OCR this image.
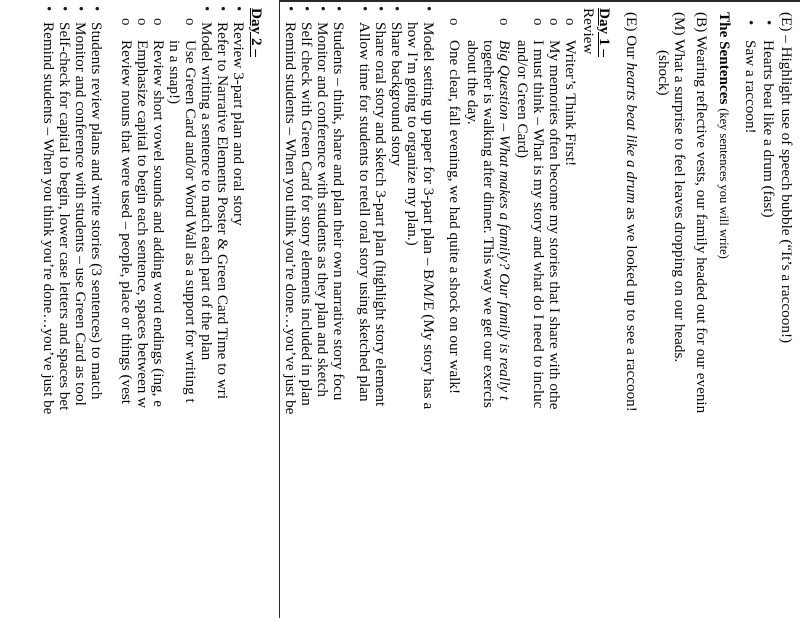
(E) – Highlight use of speech bubble (“It’s a raccoon!)
•
Hearts beat like a drum (fast)
•
Saw a raccoon!
The Sentences (key sentences you will write)
(B) Wearing reflective vests, our family headed out for our evenin
(M) What a surprise to feel leaves dropping on our heads.
(shock)
(E) Our hearts beat like a drum as we looked up to see a raccoon!
Day 1 –
Review
o
Writer’s Think First!
o
My memories often become my stories that I share with othe
o
I must think – What is my story and what do I need to incluc
and/or Green Card)
o
Big Question – What makes a family? Our family is really t
together is walking after dinner. This way we get our exercis
about the day.
o
One clear, fall evening, we had quite a shock on our walk!
•
Model setting up paper for 3-part plan – B/M/E (My story has a
how I’m going to organize my plan.)
•
Share background story
•
Share oral story and sketch 3-part plan (highlight story element
•
Allow time for students to retell oral story using sketched plan
•
Students – think, share and plan their own narrative story focu
•
Monitor and conference with students as they plan and sketch
•
Self check with Green Card for story elements included in plan
•
Remind students – When you think you’re done…you’ve just be
Day 2 –
•
Review 3-part plan and oral story
•
Refer to Narrative Elements Poster & Green Card Time to wri
•
Model writing a sentence to match each part of the plan
o
Use Green Card and/or Word Wall as a support for writing t
in a snap!)
o
Review short vowel sounds and adding word endings (ing, e
o
Emphasize capital to begin each sentence, spaces between w
o
Review nouns that were used – people, place or things (vest
•
Students review plans and write stories (3 sentences) to match
•
Monitor and conference with students – use Green Card as tool
•
Self-check for capital to begin, lower case letters and spaces bet
•
Remind students – When you think you’re done…you’ve just be
